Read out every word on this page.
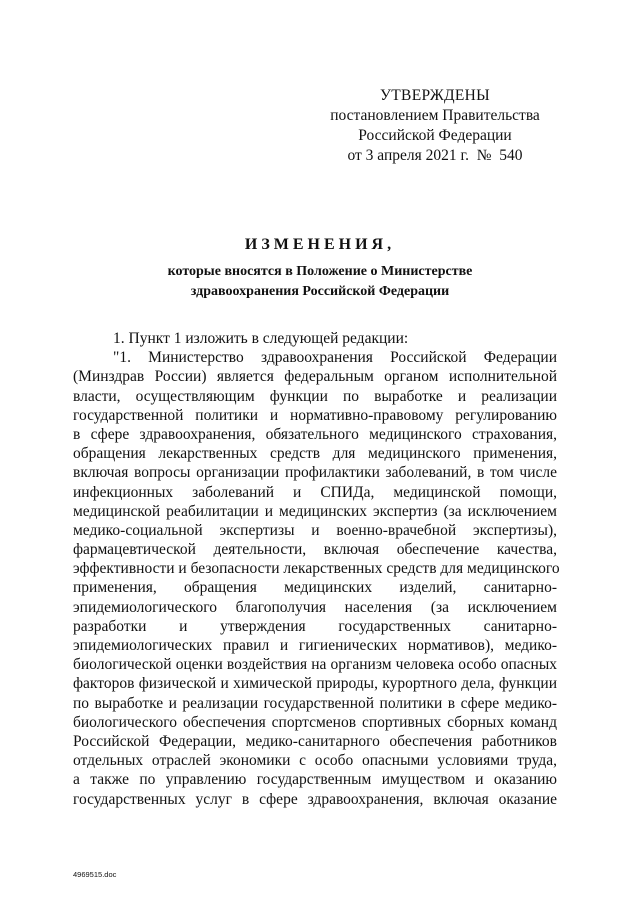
УТВЕРЖДЕНЫ
постановлением Правительства
Российской Федерации
от 3 апреля 2021 г.  №  540
ИЗМЕНЕНИЯ,
которые вносятся в Положение о Министерстве
здравоохранения Российской Федерации
1. Пункт 1 изложить в следующей редакции:
"1. Министерство здравоохранения Российской Федерации
(Минздрав России) является федеральным органом исполнительной
власти, осуществляющим функции по выработке и реализации
государственной политики и нормативно-правовому регулированию
в сфере здравоохранения, обязательного медицинского страхования,
обращения лекарственных средств для медицинского применения,
включая вопросы организации профилактики заболеваний, в том числе
инфекционных заболеваний и СПИДа, медицинской помощи,
медицинской реабилитации и медицинских экспертиз (за исключением
медико-социальной экспертизы и военно-врачебной экспертизы),
фармацевтической деятельности, включая обеспечение качества,
эффективности и безопасности лекарственных средств для медицинского
применения, обращения медицинских изделий, санитарно-
эпидемиологического благополучия населения (за исключением
разработки и утверждения государственных санитарно-
эпидемиологических правил и гигиенических нормативов), медико-
биологической оценки воздействия на организм человека особо опасных
факторов физической и химической природы, курортного дела, функции
по выработке и реализации государственной политики в сфере медико-
биологического обеспечения спортсменов спортивных сборных команд
Российской Федерации, медико-санитарного обеспечения работников
отдельных отраслей экономики с особо опасными условиями труда,
а также по управлению государственным имуществом и оказанию
государственных услуг в сфере здравоохранения, включая оказание
4969515.doc
